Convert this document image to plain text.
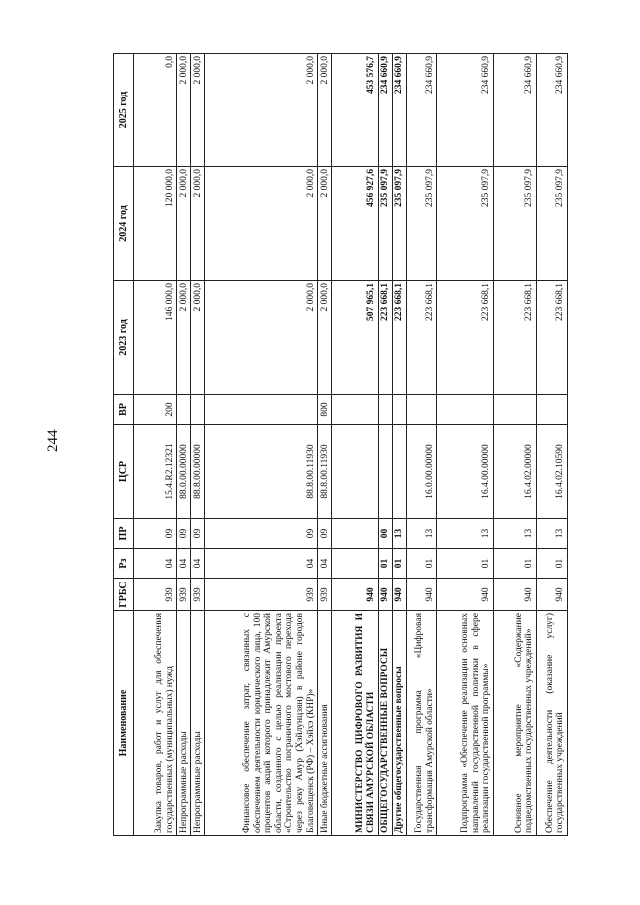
244
Наименование	ГРБС	Рз	ПР	ЦСР	ВР	2023 год	2024 год	2025 год
Закупка товаров, работ и услуг для обеспечения государственных (муниципальных) нужд	939	04	09	15.4.R2.12321	200	146 000,0	120 000,0	0,0
Непрограммные расходы	939	04	09	88.0.00.00000		2 000,0	2 000,0	2 000,0
Непрограммные расходы	939	04	09	88.8.00.00000		2 000,0	2 000,0	2 000,0
Финансовое обеспечение затрат, связанных с обеспечением деятельности юридического лица, 100 процентов акций которого принадлежит Амурской области, созданного с целью реализации проекта «Строительство пограничного мостового перехода через реку Амур (Хэйлунцзян) в районе городов Благовещенск (РФ) – Хэйхэ (КНР)»	939	04	09	88.8.00.11930		2 000,0	2 000,0	2 000,0
Иные бюджетные ассигнования	939	04	09	88.8.00.11930	800	2 000,0	2 000,0	2 000,0
МИНИСТЕРСТВО ЦИФРОВОГО РАЗВИТИЯ И СВЯЗИ АМУРСКОЙ ОБЛАСТИ	940					507 965,1	456 927,6	453 576,7
ОБЩЕГОСУДАРСТВЕННЫЕ ВОПРОСЫ	940	01	00			223 668,1	235 097,9	234 660,9
Другие общегосударственные вопросы	940	01	13			223 668,1	235 097,9	234 660,9
Государственная программа «Цифровая трансформация Амурской области»	940	01	13	16.0.00.00000		223 668,1	235 097,9	234 660,9
Подпрограмма «Обеспечение реализации основных направлений государственной политики в сфере реализации государственной программы»	940	01	13	16.4.00.00000		223 668,1	235 097,9	234 660,9
Основное мероприятие «Содержание подведомственных государственных учреждений»	940	01	13	16.4.02.00000		223 668,1	235 097,9	234 660,9
Обеспечение деятельности (оказание услуг) государственных учреждений	940	01	13	16.4.02.10590		223 668,1	235 097,9	234 660,9
